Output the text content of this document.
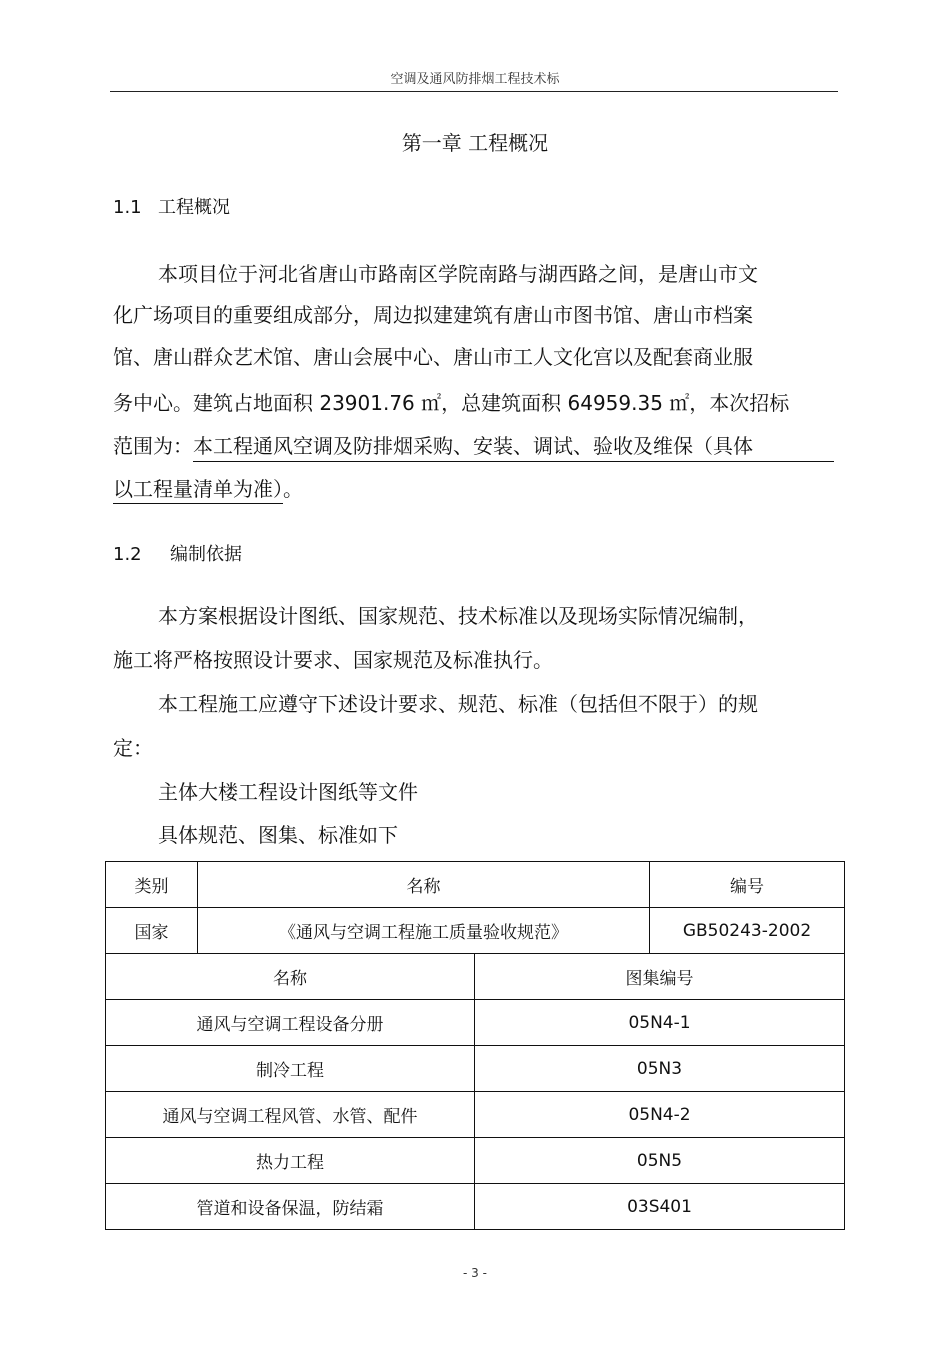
空调及通风防排烟工程技术标
第一章 工程概况
1.1 工程概况
本项目位于河北省唐山市路南区学院南路与湖西路之间，是唐山市文
化广场项目的重要组成部分，周边拟建建筑有唐山市图书馆、唐山市档案
馆、唐山群众艺术馆、唐山会展中心、唐山市工人文化宫以及配套商业服
务中心。建筑占地面积 23901.76 ㎡，总建筑面积 64959.35 ㎡，本次招标
范围为：本工程通风空调及防排烟采购、安装、调试、验收及维保（具体
以工程量清单为准）。
1.2 编制依据
本方案根据设计图纸、国家规范、技术标准以及现场实际情况编制，
施工将严格按照设计要求、国家规范及标准执行。
本工程施工应遵守下述设计要求、规范、标准（包括但不限于）的规
定：
主体大楼工程设计图纸等文件
具体规范、图集、标准如下
类别	名称		编号
国家	《通风与空调工程施工质量验收规范》		GB50243-2002
名称		图集编号	
通风与空调工程设备分册		05N4-1	
制冷工程		05N3	
通风与空调工程风管、水管、配件		05N4-2	
热力工程		05N5	
管道和设备保温，防结霜		03S401	
- 3 -
